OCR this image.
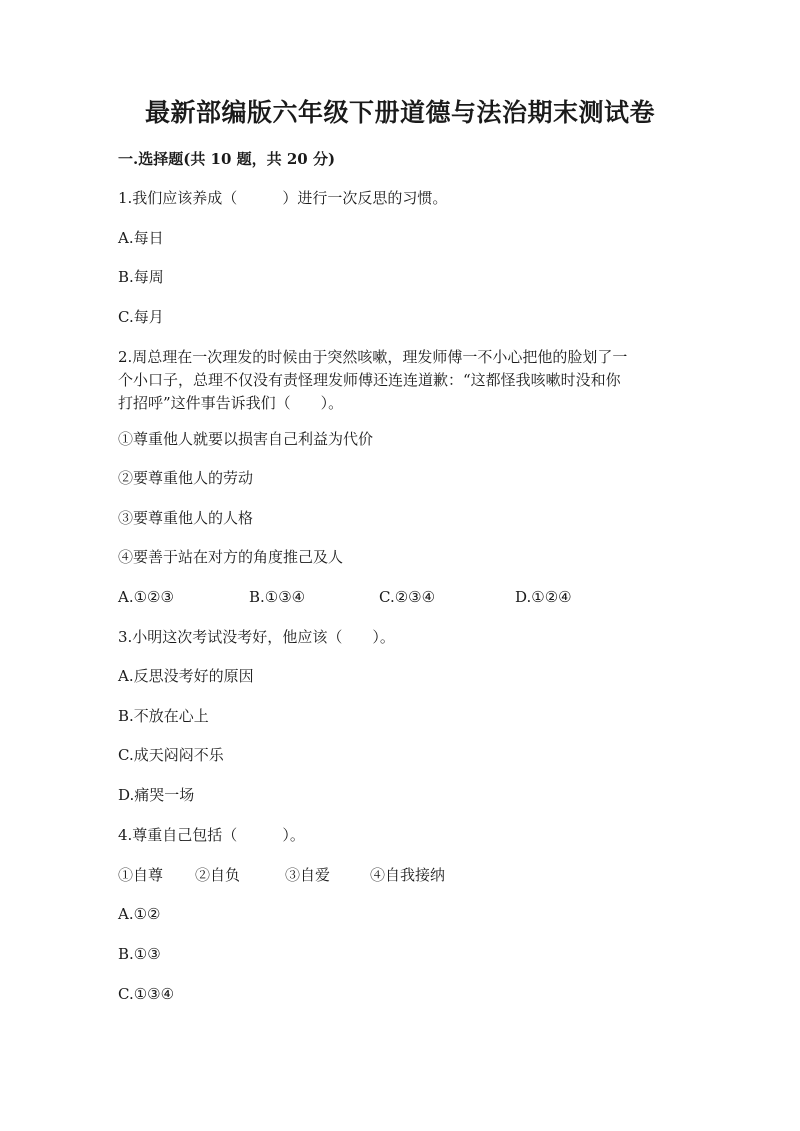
最新部编版六年级下册道德与法治期末测试卷
一.选择题(共 10 题，共 20 分)
1.我们应该养成（　　　）进行一次反思的习惯。
A.每日
B.每周
C.每月
2.周总理在一次理发的时候由于突然咳嗽，理发师傅一不小心把他的脸划了一
个小口子，总理不仅没有责怪理发师傅还连连道歉：“这都怪我咳嗽时没和你
打招呼”这件事告诉我们（　　）。
①尊重他人就要以损害自己利益为代价
②要尊重他人的劳动
③要尊重他人的人格
④要善于站在对方的角度推己及人
A.①②③	B.①③④	C.②③④	D.①②④
3.小明这次考试没考好，他应该（　　）。
A.反思没考好的原因
B.不放在心上
C.成天闷闷不乐
D.痛哭一场
4.尊重自己包括（　　　）。
①自尊 ②自负	③自爱	④自我接纳
A.①②
B.①③
C.①③④
